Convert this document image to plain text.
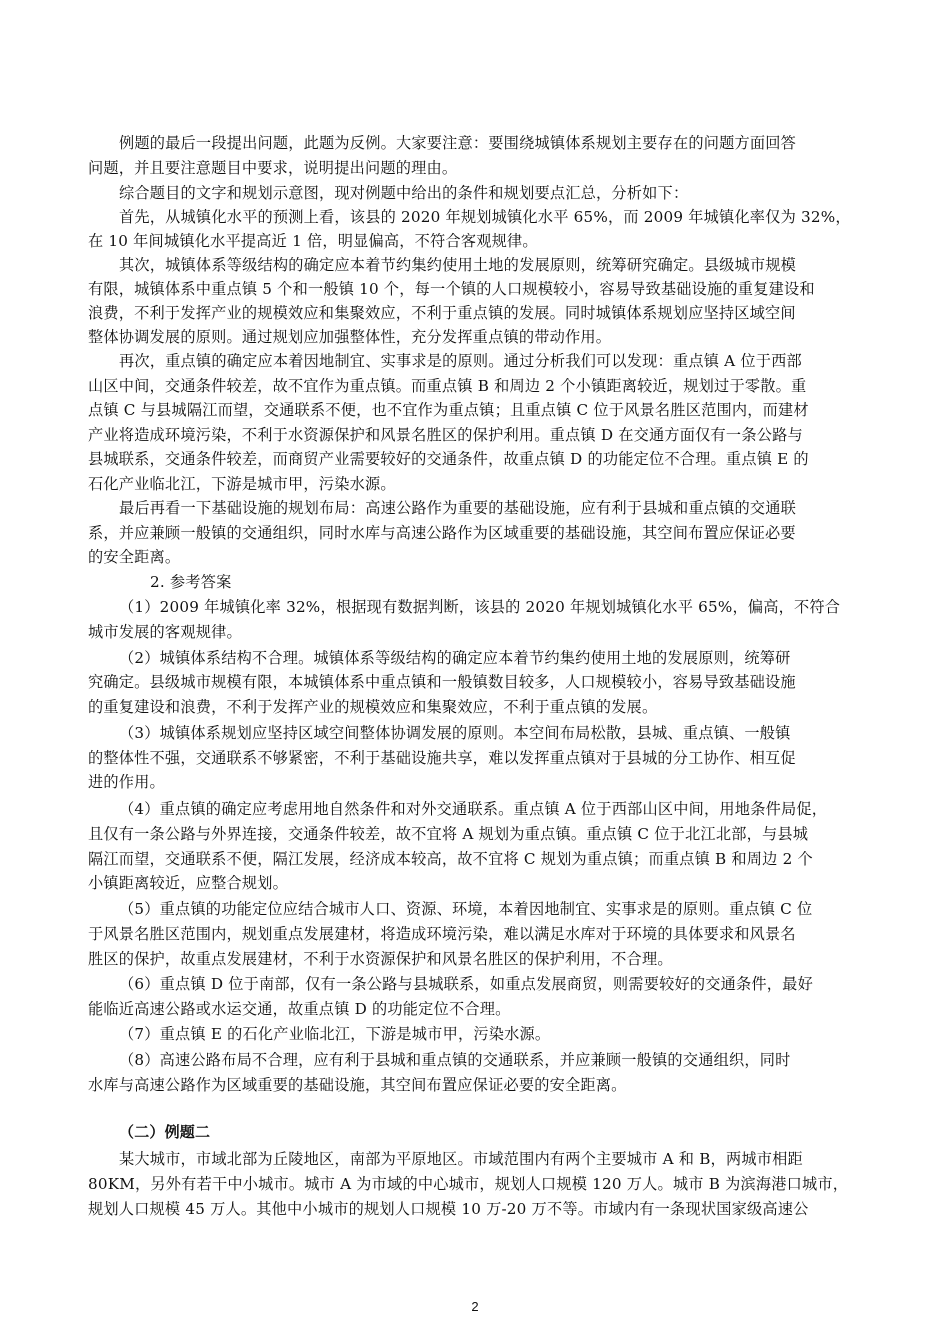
例题的最后一段提出问题，此题为反例。大家要注意：要围绕城镇体系规划主要存在的问题方面回答
问题，并且要注意题目中要求，说明提出问题的理由。
综合题目的文字和规划示意图，现对例题中给出的条件和规划要点汇总，分析如下：
首先，从城镇化水平的预测上看，该县的 2020 年规划城镇化水平 65%，而 2009 年城镇化率仅为 32%，
在 10 年间城镇化水平提高近 1 倍，明显偏高，不符合客观规律。
其次，城镇体系等级结构的确定应本着节约集约使用土地的发展原则，统筹研究确定。县级城市规模
有限，城镇体系中重点镇 5 个和一般镇 10 个，每一个镇的人口规模较小，容易导致基础设施的重复建设和
浪费，不利于发挥产业的规模效应和集聚效应，不利于重点镇的发展。同时城镇体系规划应坚持区域空间
整体协调发展的原则。通过规划应加强整体性，充分发挥重点镇的带动作用。
再次，重点镇的确定应本着因地制宜、实事求是的原则。通过分析我们可以发现：重点镇 A 位于西部
山区中间，交通条件较差，故不宜作为重点镇。而重点镇 B 和周边 2 个小镇距离较近，规划过于零散。重
点镇 C 与县城隔江而望，交通联系不便，也不宜作为重点镇；且重点镇 C 位于风景名胜区范围内，而建材
产业将造成环境污染，不利于水资源保护和风景名胜区的保护利用。重点镇 D 在交通方面仅有一条公路与
县城联系，交通条件较差，而商贸产业需要较好的交通条件，故重点镇 D 的功能定位不合理。重点镇 E 的
石化产业临北江，下游是城市甲，污染水源。
最后再看一下基础设施的规划布局：高速公路作为重要的基础设施，应有利于县城和重点镇的交通联
系，并应兼顾一般镇的交通组织，同时水库与高速公路作为区域重要的基础设施，其空间布置应保证必要
的安全距离。
2. 参考答案
（1）2009 年城镇化率 32%，根据现有数据判断，该县的 2020 年规划城镇化水平 65%，偏高，不符合
城市发展的客观规律。
（2）城镇体系结构不合理。城镇体系等级结构的确定应本着节约集约使用土地的发展原则，统筹研
究确定。县级城市规模有限，本城镇体系中重点镇和一般镇数目较多，人口规模较小，容易导致基础设施
的重复建设和浪费，不利于发挥产业的规模效应和集聚效应，不利于重点镇的发展。
（3）城镇体系规划应坚持区域空间整体协调发展的原则。本空间布局松散，县城、重点镇、一般镇
的整体性不强，交通联系不够紧密，不利于基础设施共享，难以发挥重点镇对于县城的分工协作、相互促
进的作用。
（4）重点镇的确定应考虑用地自然条件和对外交通联系。重点镇 A 位于西部山区中间，用地条件局促，
且仅有一条公路与外界连接，交通条件较差，故不宜将 A 规划为重点镇。重点镇 C 位于北江北部，与县城
隔江而望，交通联系不便，隔江发展，经济成本较高，故不宜将 C 规划为重点镇；而重点镇 B 和周边 2 个
小镇距离较近，应整合规划。
（5）重点镇的功能定位应结合城市人口、资源、环境，本着因地制宜、实事求是的原则。重点镇 C 位
于风景名胜区范围内，规划重点发展建材，将造成环境污染，难以满足水库对于环境的具体要求和风景名
胜区的保护，故重点发展建材，不利于水资源保护和风景名胜区的保护利用，不合理。
（6）重点镇 D 位于南部，仅有一条公路与县城联系，如重点发展商贸，则需要较好的交通条件，最好
能临近高速公路或水运交通，故重点镇 D 的功能定位不合理。
（7）重点镇 E 的石化产业临北江，下游是城市甲，污染水源。
（8）高速公路布局不合理，应有利于县城和重点镇的交通联系，并应兼顾一般镇的交通组织，同时
水库与高速公路作为区域重要的基础设施，其空间布置应保证必要的安全距离。
（二）例题二
某大城市，市域北部为丘陵地区，南部为平原地区。市域范围内有两个主要城市 A 和 B，两城市相距
80KM，另外有若干中小城市。城市 A 为市域的中心城市，规划人口规模 120 万人。城市 B 为滨海港口城市，
规划人口规模 45 万人。其他中小城市的规划人口规模 10 万-20 万不等。市域内有一条现状国家级高速公
2
